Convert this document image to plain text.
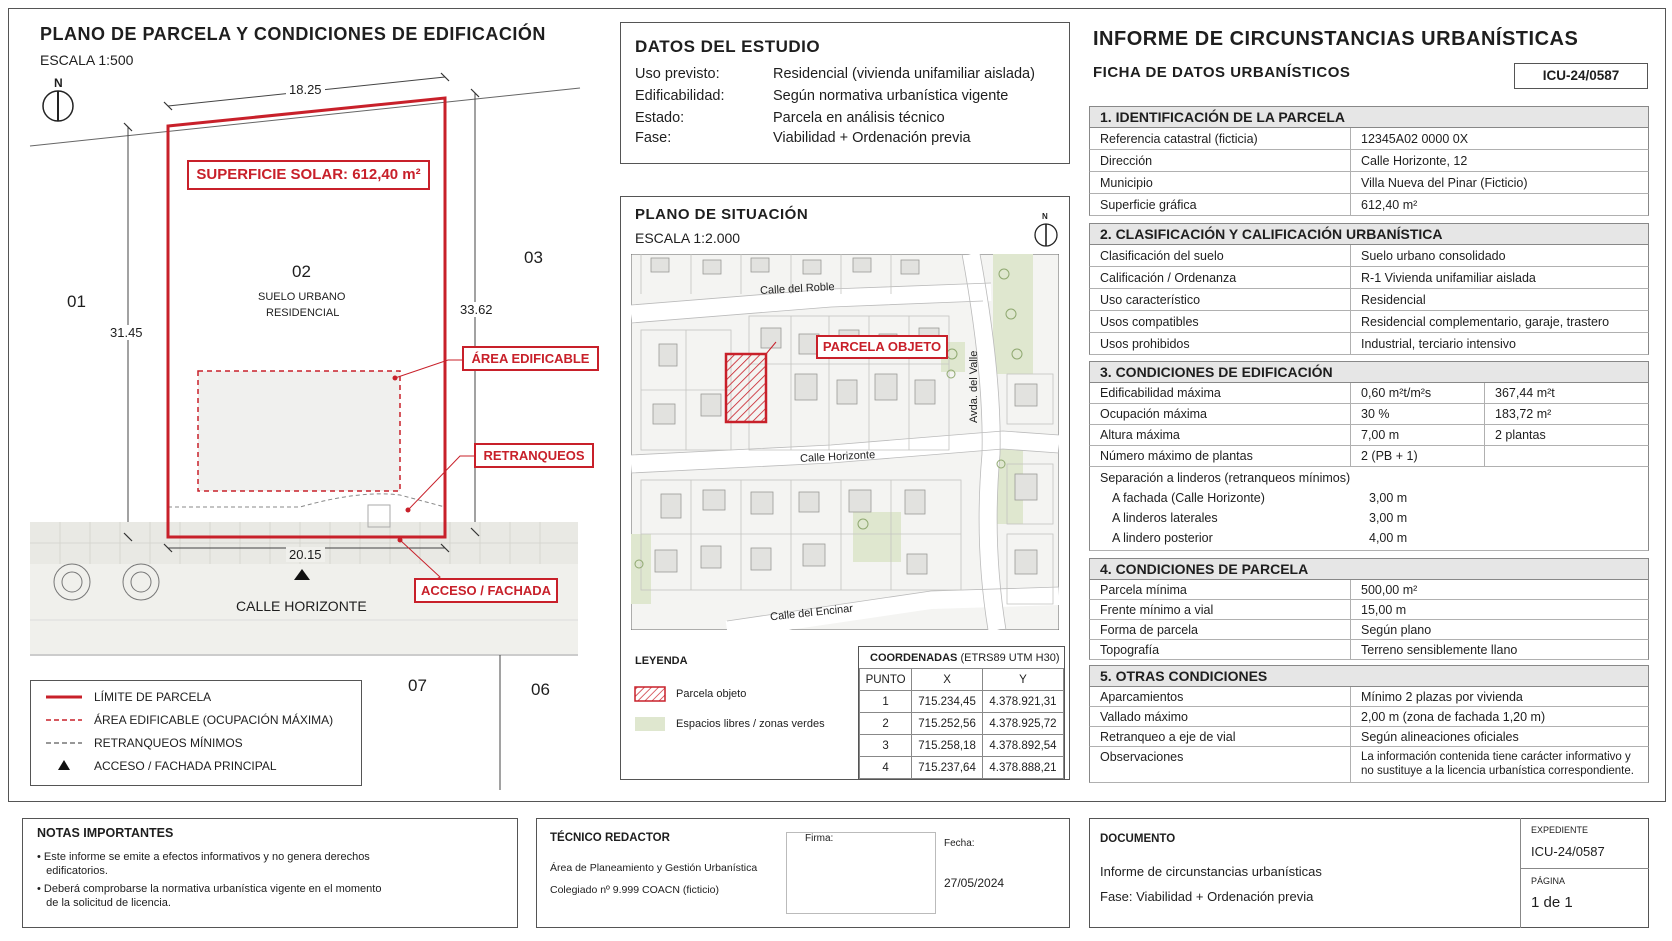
PLANO DE PARCELA Y CONDICIONES DE EDIFICACIÓN
ESCALA 1:500
N	18.25
31.45
33.62
20.15
SUPERFICIE SOLAR: 612,40 m²
01
02
03
07	06
SUELO URBANO
RESIDENCIAL
ÁREA EDIFICABLE
RETRANQUEOS
ACCESO / FACHADA
CALLE HORIZONTE
LÍMITE DE PARCELA
ÁREA EDIFICABLE (OCUPACIÓN MÁXIMA)
RETRANQUEOS MÍNIMOS
ACCESO / FACHADA PRINCIPAL
DATOS DEL ESTUDIO
Uso previsto:	Residencial (vivienda unifamiliar aislada)
Edificabilidad:	Según normativa urbanística vigente
Estado:	Parcela en análisis técnico
Fase:	Viabilidad + Ordenación previa
PLANO DE SITUACIÓN
ESCALA 1:2.000
N
Calle del Roble
Calle Horizonte
Calle del Encinar
Avda. del Valle
PARCELA OBJETO
LEYENDA
Parcela objeto
Espacios libres / zonas verdes
COORDENADAS (ETRS89 UTM H30)
PUNTO	X	Y
1	715.234,45	4.378.921,31
2	715.252,56	4.378.925,72
3	715.258,18	4.378.892,54
4	715.237,64	4.378.888,21
INFORME DE CIRCUNSTANCIAS URBANÍSTICAS
FICHA DE DATOS URBANÍSTICOS	ICU-24/0587
1. IDENTIFICACIÓN DE LA PARCELA
Referencia catastral (ficticia)	12345A02 0000 0X
Dirección	Calle Horizonte, 12
Municipio	Villa Nueva del Pinar (Ficticio)
Superficie gráfica	612,40 m²
2. CLASIFICACIÓN Y CALIFICACIÓN URBANÍSTICA
Clasificación del suelo	Suelo urbano consolidado
Calificación / Ordenanza	R-1 Vivienda unifamiliar aislada
Uso característico	Residencial
Usos compatibles	Residencial complementario, garaje, trastero
Usos prohibidos	Industrial, terciario intensivo
3. CONDICIONES DE EDIFICACIÓN
Edificabilidad máxima	0,60 m²t/m²s	367,44 m²t
Ocupación máxima	30 %	183,72 m²
Altura máxima	7,00 m	2 plantas
Número máximo de plantas	2 (PB + 1)
Separación a linderos (retranqueos mínimos)
A fachada (Calle Horizonte)	3,00 m
A linderos laterales	3,00 m
A lindero posterior	4,00 m
4. CONDICIONES DE PARCELA
Parcela mínima	500,00 m²
Frente mínimo a vial	15,00 m
Forma de parcela	Según plano
Topografía	Terreno sensiblemente llano
5. OTRAS CONDICIONES
Aparcamientos	Mínimo 2 plazas por vivienda
Vallado máximo	2,00 m (zona de fachada 1,20 m)
Retranqueo a eje de vial	Según alineaciones oficiales
Observaciones	La información contenida tiene carácter informativo y
no sustituye a la licencia urbanística correspondiente.
NOTAS IMPORTANTES
• Este informe se emite a efectos informativos y no genera derechos
edificatorios.
• Deberá comprobarse la normativa urbanística vigente en el momento
de la solicitud de licencia.
TÉCNICO REDACTOR
Área de Planeamiento y Gestión Urbanística
Colegiado nº 9.999 COACN (ficticio)
Firma:	Fecha:
27/05/2024
DOCUMENTO
Informe de circunstancias urbanísticas
Fase: Viabilidad + Ordenación previa
EXPEDIENTE
ICU-24/0587
PÁGINA
1 de 1
